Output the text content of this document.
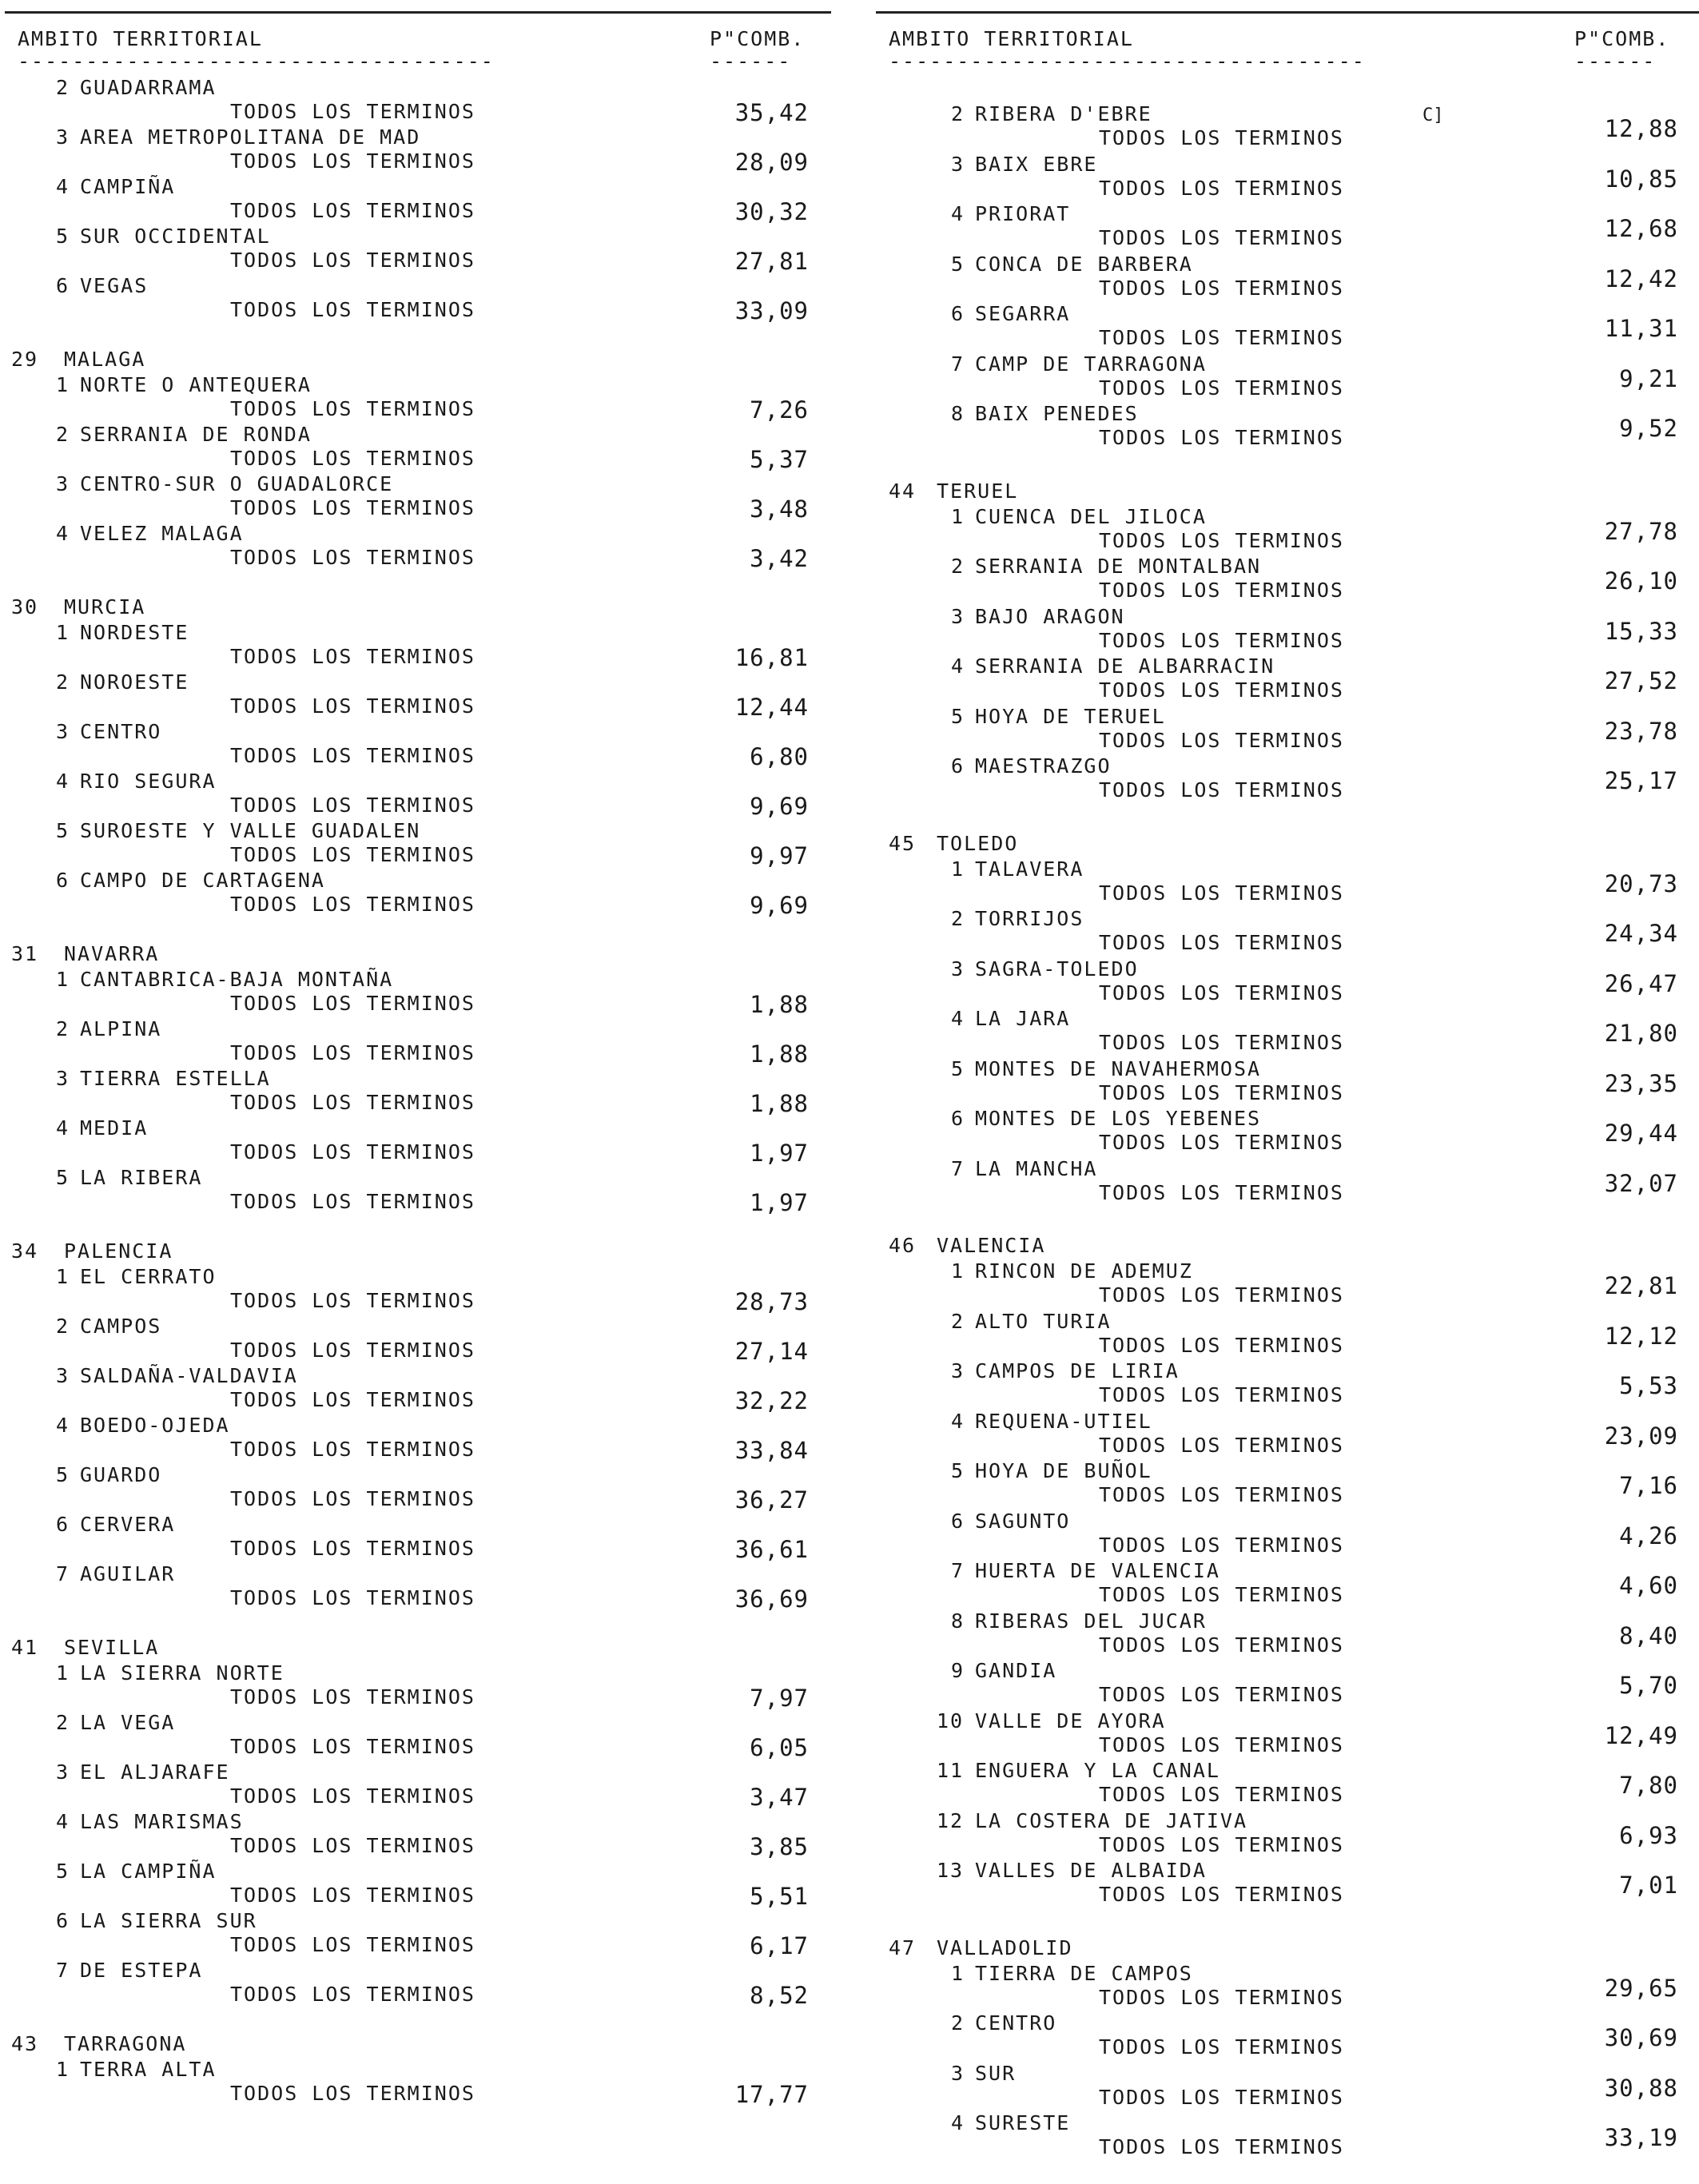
AMBITO TERRITORIAL	P"COMB.
-----------------------------------	------
2 GUADARRAMA
TODOS LOS TERMINOS	35,42
3 AREA METROPOLITANA DE MAD
TODOS LOS TERMINOS	28,09
4 CAMPIÑA
TODOS LOS TERMINOS	30,32
5 SUR OCCIDENTAL
TODOS LOS TERMINOS	27,81
6 VEGAS
TODOS LOS TERMINOS	33,09
29 MALAGA
1 NORTE O ANTEQUERA
TODOS LOS TERMINOS	7,26
2 SERRANIA DE RONDA
TODOS LOS TERMINOS	5,37
3 CENTRO-SUR O GUADALORCE
TODOS LOS TERMINOS	3,48
4 VELEZ MALAGA
TODOS LOS TERMINOS	3,42
30 MURCIA
1 NORDESTE
TODOS LOS TERMINOS	16,81
2 NOROESTE
TODOS LOS TERMINOS	12,44
3 CENTRO
TODOS LOS TERMINOS	6,80
4 RIO SEGURA
TODOS LOS TERMINOS	9,69
5 SUROESTE Y VALLE GUADALEN
TODOS LOS TERMINOS	9,97
6 CAMPO DE CARTAGENA
TODOS LOS TERMINOS	9,69
31 NAVARRA
1 CANTABRICA-BAJA MONTAÑA
TODOS LOS TERMINOS	1,88
2 ALPINA
TODOS LOS TERMINOS	1,88
3 TIERRA ESTELLA
TODOS LOS TERMINOS	1,88
4 MEDIA
TODOS LOS TERMINOS	1,97
5 LA RIBERA
TODOS LOS TERMINOS	1,97
34 PALENCIA
1 EL CERRATO
TODOS LOS TERMINOS	28,73
2 CAMPOS
TODOS LOS TERMINOS	27,14
3 SALDAÑA-VALDAVIA
TODOS LOS TERMINOS	32,22
4 BOEDO-OJEDA
TODOS LOS TERMINOS	33,84
5 GUARDO
TODOS LOS TERMINOS	36,27
6 CERVERA
TODOS LOS TERMINOS	36,61
7 AGUILAR
TODOS LOS TERMINOS	36,69
41 SEVILLA
1 LA SIERRA NORTE
TODOS LOS TERMINOS	7,97
2 LA VEGA
TODOS LOS TERMINOS	6,05
3 EL ALJARAFE
TODOS LOS TERMINOS	3,47
4 LAS MARISMAS
TODOS LOS TERMINOS	3,85
5 LA CAMPIÑA
TODOS LOS TERMINOS	5,51
6 LA SIERRA SUR
TODOS LOS TERMINOS	6,17
7 DE ESTEPA
TODOS LOS TERMINOS	8,52
43 TARRAGONA
1 TERRA ALTA
TODOS LOS TERMINOS	17,77
AMBITO TERRITORIAL	P"COMB.
-----------------------------------	------
C]
2 RIBERA D'EBRE
TODOS LOS TERMINOS	12,88
3 BAIX EBRE
TODOS LOS TERMINOS	10,85
4 PRIORAT
TODOS LOS TERMINOS	12,68
5 CONCA DE BARBERA
TODOS LOS TERMINOS	12,42
6 SEGARRA
TODOS LOS TERMINOS	11,31
7 CAMP DE TARRAGONA
TODOS LOS TERMINOS	9,21
8 BAIX PENEDES
TODOS LOS TERMINOS	9,52
44 TERUEL
1 CUENCA DEL JILOCA
TODOS LOS TERMINOS	27,78
2 SERRANIA DE MONTALBAN
TODOS LOS TERMINOS	26,10
3 BAJO ARAGON
TODOS LOS TERMINOS	15,33
4 SERRANIA DE ALBARRACIN
TODOS LOS TERMINOS	27,52
5 HOYA DE TERUEL
TODOS LOS TERMINOS	23,78
6 MAESTRAZGO
TODOS LOS TERMINOS	25,17
45 TOLEDO
1 TALAVERA
TODOS LOS TERMINOS	20,73
2 TORRIJOS
TODOS LOS TERMINOS	24,34
3 SAGRA-TOLEDO
TODOS LOS TERMINOS	26,47
4 LA JARA
TODOS LOS TERMINOS	21,80
5 MONTES DE NAVAHERMOSA
TODOS LOS TERMINOS	23,35
6 MONTES DE LOS YEBENES
TODOS LOS TERMINOS	29,44
7 LA MANCHA
TODOS LOS TERMINOS	32,07
46 VALENCIA
1 RINCON DE ADEMUZ
TODOS LOS TERMINOS	22,81
2 ALTO TURIA
TODOS LOS TERMINOS	12,12
3 CAMPOS DE LIRIA
TODOS LOS TERMINOS	5,53
4 REQUENA-UTIEL
TODOS LOS TERMINOS	23,09
5 HOYA DE BUÑOL
TODOS LOS TERMINOS	7,16
6 SAGUNTO
TODOS LOS TERMINOS	4,26
7 HUERTA DE VALENCIA
TODOS LOS TERMINOS	4,60
8 RIBERAS DEL JUCAR
TODOS LOS TERMINOS	8,40
9 GANDIA
TODOS LOS TERMINOS	5,70
10 VALLE DE AYORA
TODOS LOS TERMINOS	12,49
11 ENGUERA Y LA CANAL
TODOS LOS TERMINOS	7,80
12 LA COSTERA DE JATIVA
TODOS LOS TERMINOS	6,93
13 VALLES DE ALBAIDA
TODOS LOS TERMINOS	7,01
47 VALLADOLID
1 TIERRA DE CAMPOS
TODOS LOS TERMINOS	29,65
2 CENTRO
TODOS LOS TERMINOS	30,69
3 SUR
TODOS LOS TERMINOS	30,88
4 SURESTE
TODOS LOS TERMINOS	33,19
